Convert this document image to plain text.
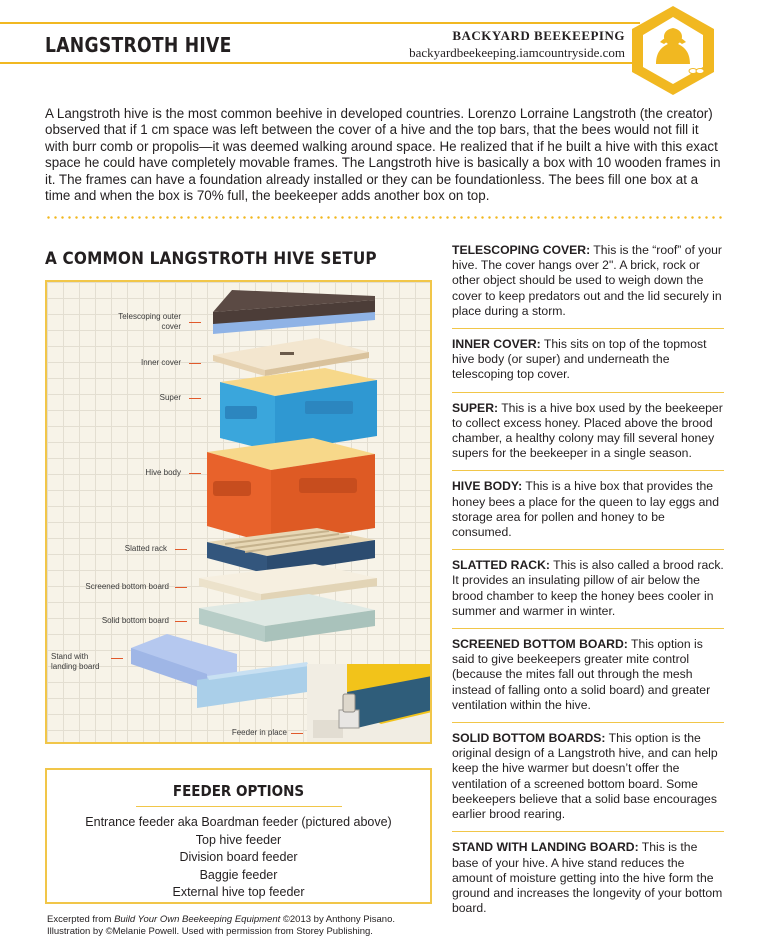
LANGSTROTH HIVE	BACKYARD BEEKEEPING
backyardbeekeeping.iamcountryside.com

A Langstroth hive is the most common beehive in developed countries. Lorenzo Lorraine Langstroth (the creator) observed that if 1 cm space was left between the cover of a hive and the top bars, that the bees would not fill it with burr comb or propolis—it was deemed walking around space. He realized that if he built a hive with this exact space he could have completely movable frames. The Langstroth hive is basically a box with 10 wooden frames in it. The frames can have a foundation already installed or they can be foundationless. The bees fill one box at a time and when the box is 70% full, the beekeeper adds another box on top.

A COMMON LANGSTROTH HIVE SETUP
Telescoping outer cover
Inner cover
Super
Hive body
Slatted rack
Screened bottom board
Solid bottom board
Stand with landing board
Feeder in place
FEEDER OPTIONS
Entrance feeder aka Boardman feeder (pictured above)
Top hive feeder
Division board feeder
Baggie feeder
External hive top feeder
Excerpted from Build Your Own Beekeeping Equipment ©2013 by Anthony Pisano.
Illustration by ©Melanie Powell. Used with permission from Storey Publishing.
TELESCOPING COVER: This is the “roof” of your hive. The cover hangs over 2". A brick, rock or other object should be used to weigh down the cover to keep predators out and the lid securely in place during a storm.
INNER COVER: This sits on top of the topmost hive body (or super) and underneath the telescoping top cover.
SUPER: This is a hive box used by the beekeeper to collect excess honey. Placed above the brood chamber, a healthy colony may fill several honey supers for the beekeeper in a single season.
HIVE BODY: This is a hive box that provides the honey bees a place for the queen to lay eggs and storage area for pollen and honey to be consumed.
SLATTED RACK: This is also called a brood rack. It provides an insulating pillow of air below the brood chamber to keep the honey bees cooler in summer and warmer in winter.
SCREENED BOTTOM BOARD: This option is said to give beekeepers greater mite control (because the mites fall out through the mesh instead of falling onto a solid board) and greater ventilation within the hive.
SOLID BOTTOM BOARDS: This option is the original design of a Langstroth hive, and can help keep the hive warmer but doesn’t offer the ventilation of a screened bottom board. Some beekeepers believe that a solid base encourages earlier brood rearing.
STAND WITH LANDING BOARD: This is the base of your hive. A hive stand reduces the amount of moisture getting into the hive form the ground and increases the longevity of your bottom board.
